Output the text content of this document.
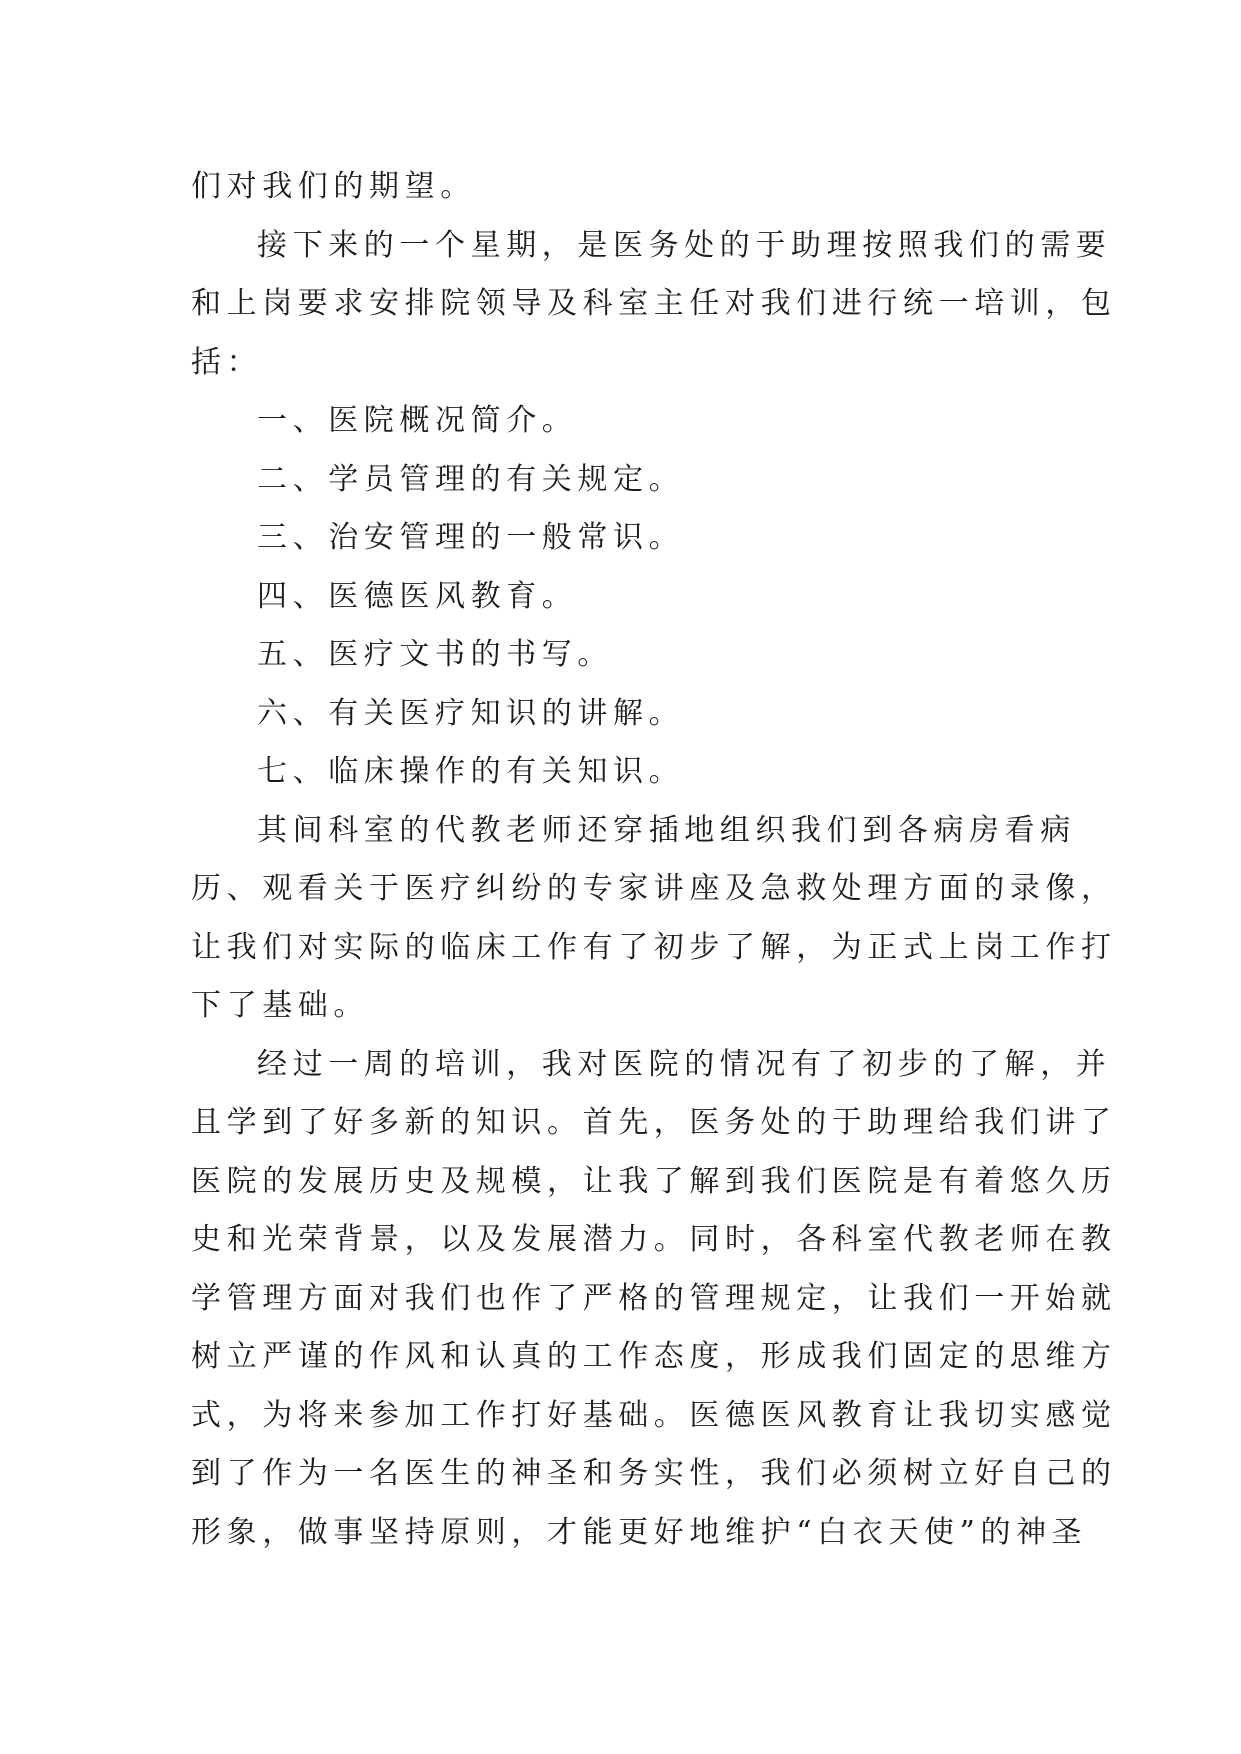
们对我们的期望。
接下来的一个星期，是医务处的于助理按照我们的需要
和上岗要求安排院领导及科室主任对我们进行统一培训，包
括：
一、医院概况简介。
二、学员管理的有关规定。
三、治安管理的一般常识。
四、医德医风教育。
五、医疗文书的书写。
六、有关医疗知识的讲解。
七、临床操作的有关知识。
其间科室的代教老师还穿插地组织我们到各病房看病
历、观看关于医疗纠纷的专家讲座及急救处理方面的录像，
让我们对实际的临床工作有了初步了解，为正式上岗工作打
下了基础。
经过一周的培训，我对医院的情况有了初步的了解，并
且学到了好多新的知识。首先，医务处的于助理给我们讲了
医院的发展历史及规模，让我了解到我们医院是有着悠久历
史和光荣背景，以及发展潜力。同时，各科室代教老师在教
学管理方面对我们也作了严格的管理规定，让我们一开始就
树立严谨的作风和认真的工作态度，形成我们固定的思维方
式，为将来参加工作打好基础。医德医风教育让我切实感觉
到了作为一名医生的神圣和务实性，我们必须树立好自己的
形象，做事坚持原则，才能更好地维护“白衣天使”的神圣
